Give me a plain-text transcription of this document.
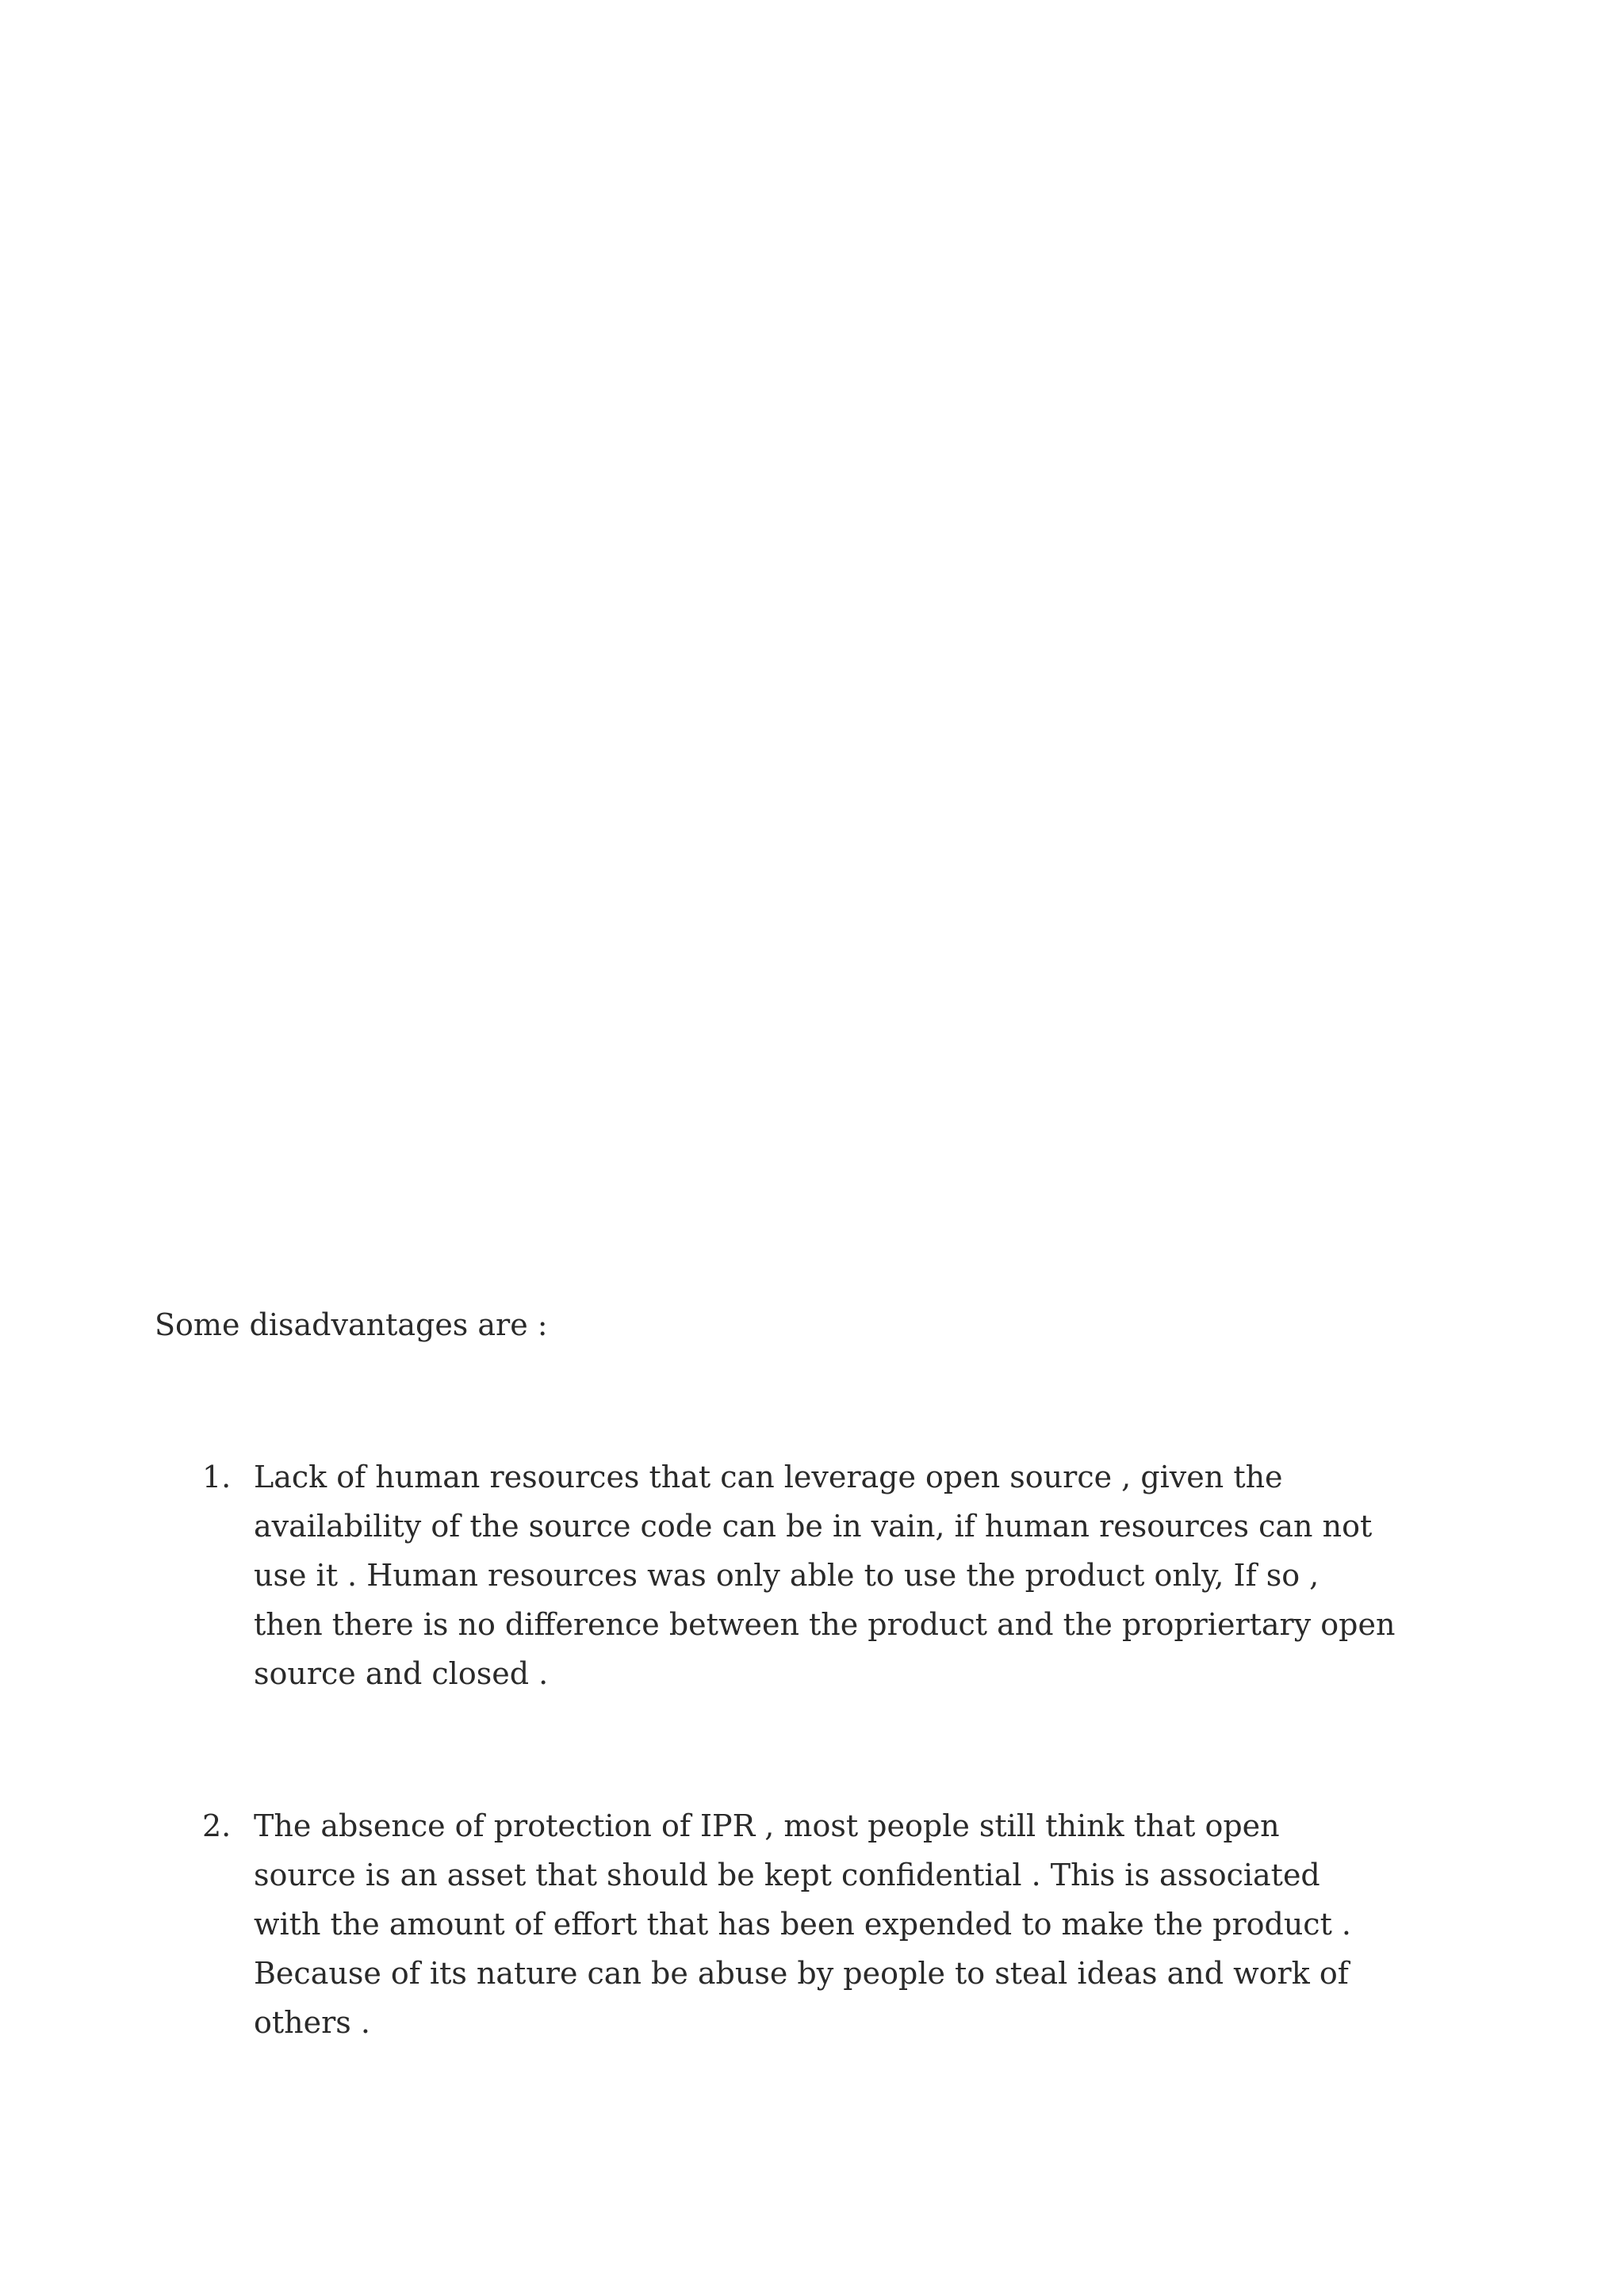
Some disadvantages are :

1. Lack of human resources that can leverage open source , given the
availability of the source code can be in vain, if human resources can not
use it . Human resources was only able to use the product only, If so ,
then there is no difference between the product and the propriertary open
source and closed .
2. The absence of protection of IPR , most people still think that open
source is an asset that should be kept confidential . This is associated
with the amount of effort that has been expended to make the product .
Because of its nature can be abuse by people to steal ideas and work of
others .
